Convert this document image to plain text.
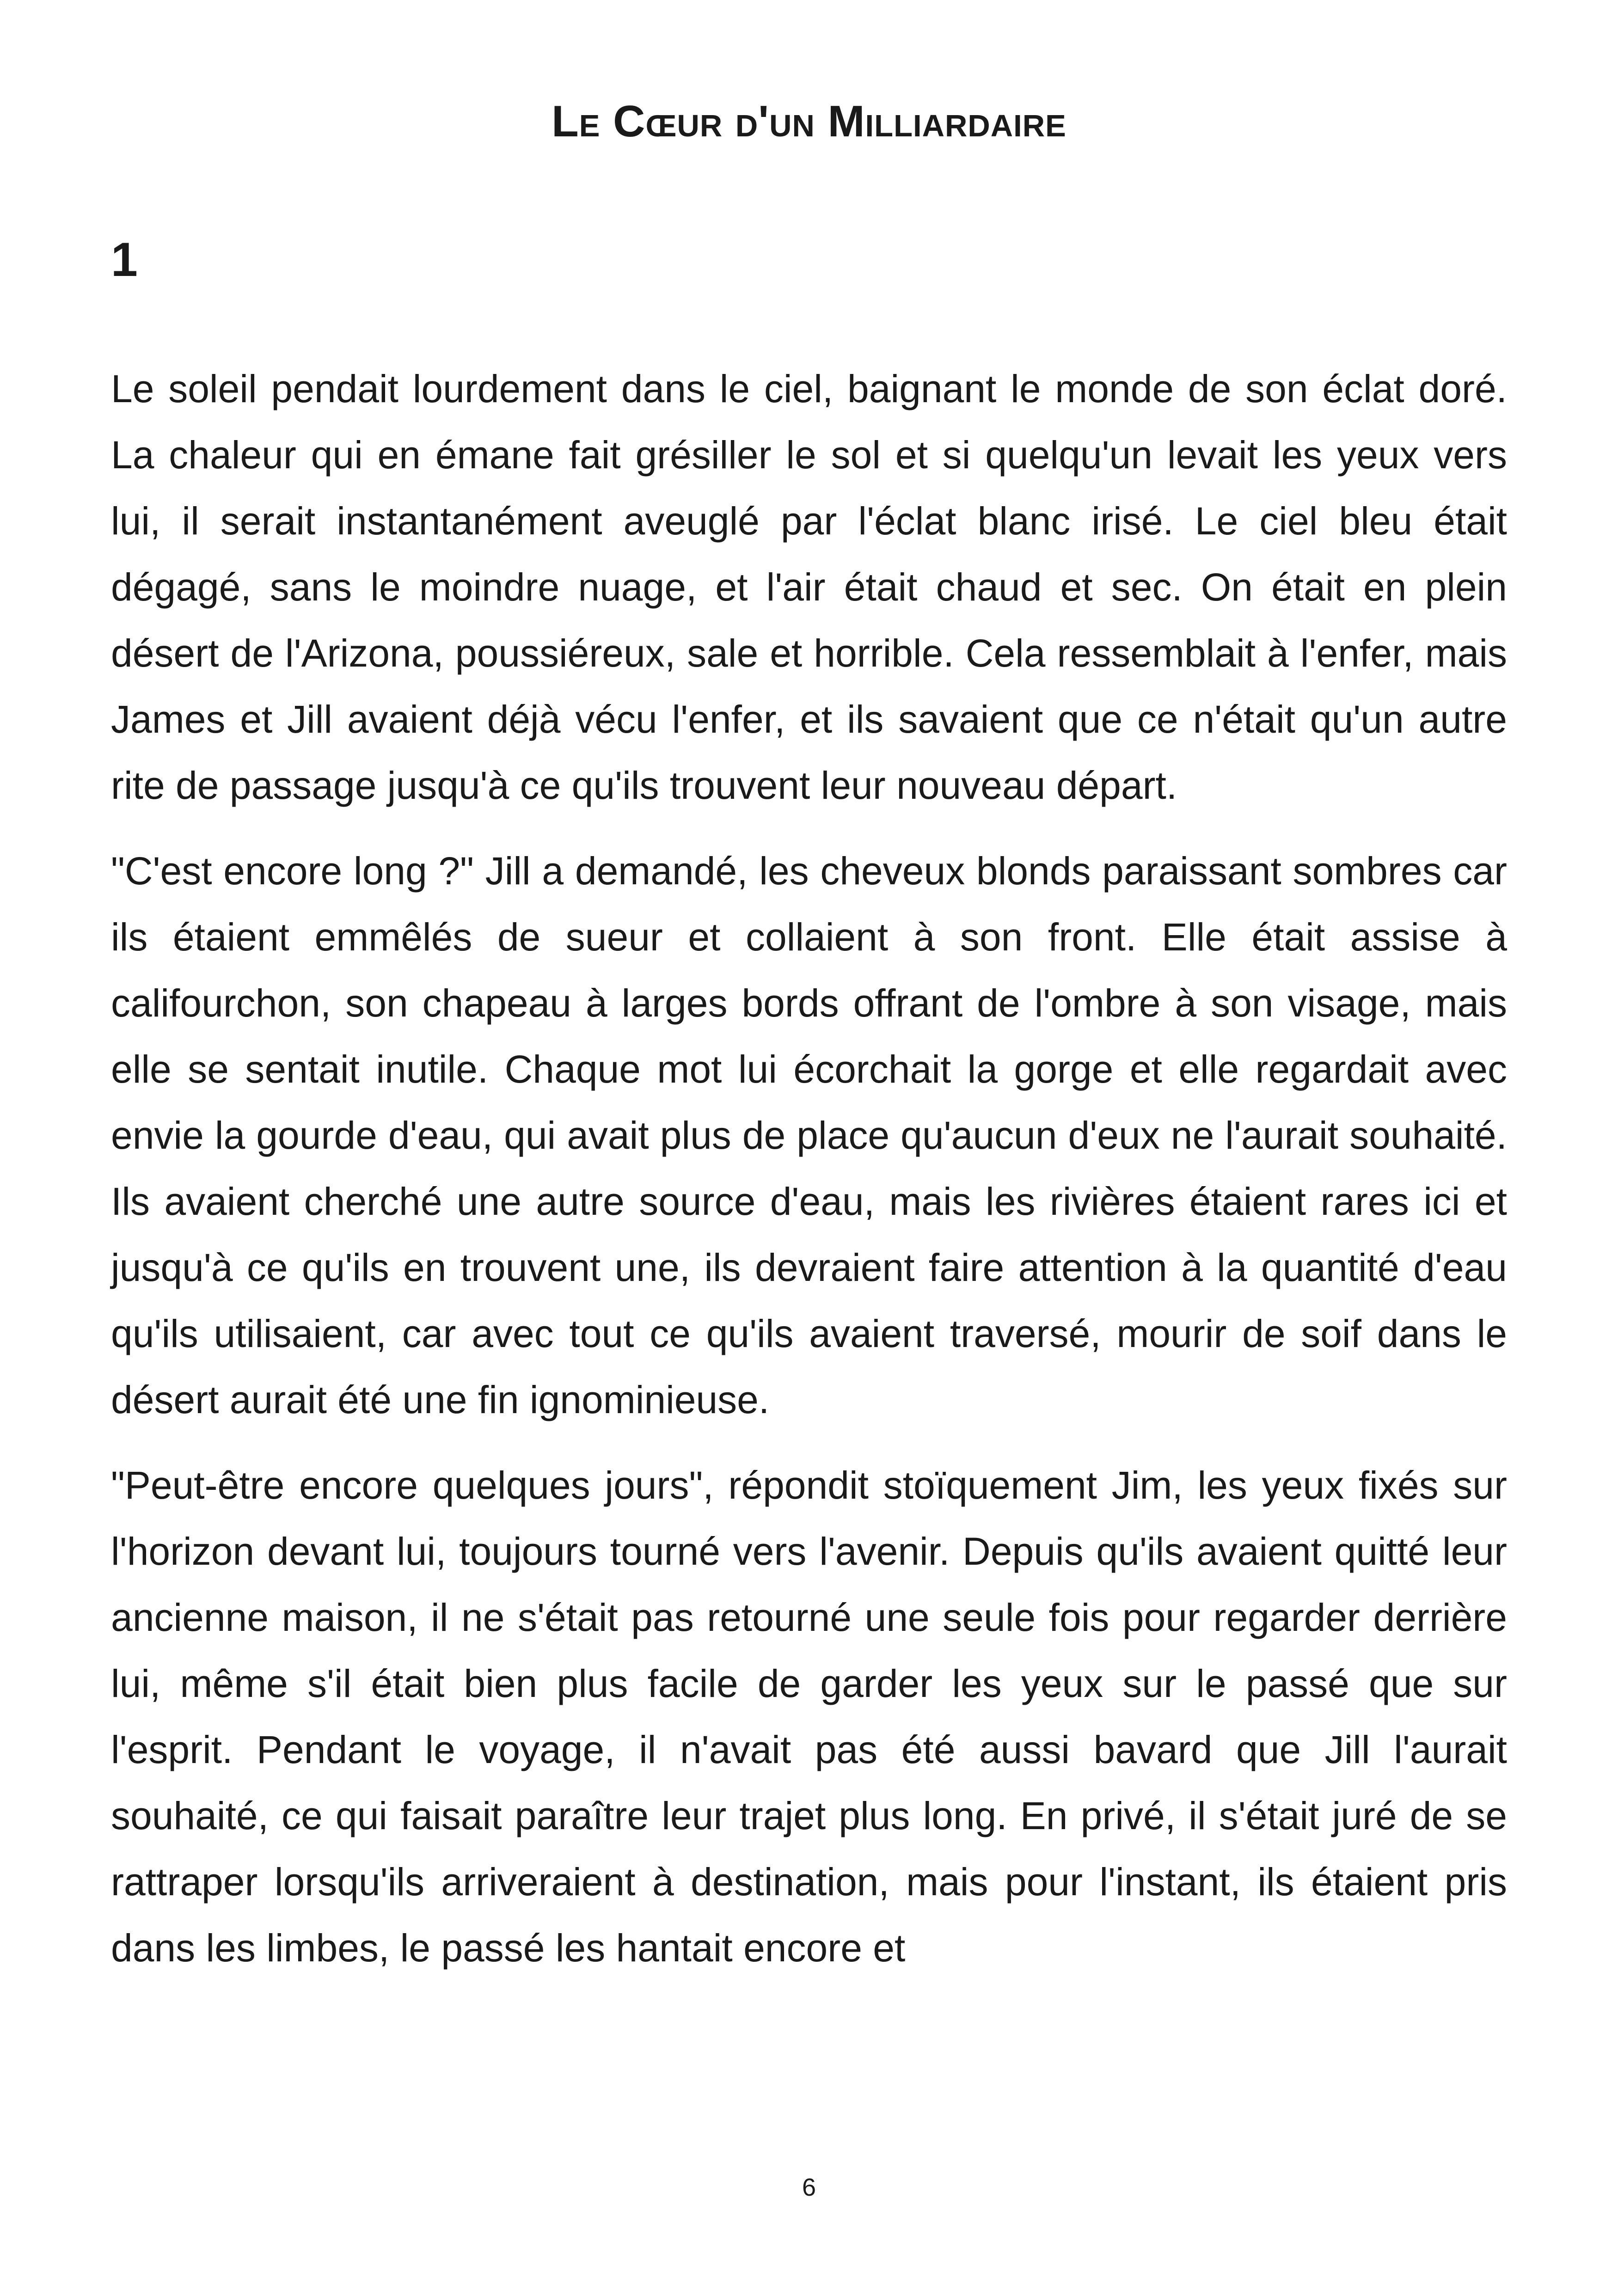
Le Cœur d'un Milliardaire
1

Le soleil pendait lourdement dans le ciel, baignant le monde de son éclat doré. La chaleur qui en émane fait grésiller le sol et si quelqu'un levait les yeux vers lui, il serait instantanément aveuglé par l'éclat blanc irisé. Le ciel bleu était dégagé, sans le moindre nuage, et l'air était chaud et sec. On était en plein désert de l'Arizona, poussiéreux, sale et horrible. Cela ressemblait à l'enfer, mais James et Jill avaient déjà vécu l'enfer, et ils savaient que ce n'était qu'un autre rite de passage jusqu'à ce qu'ils trouvent leur nouveau départ.

"C'est encore long ?" Jill a demandé, les cheveux blonds paraissant sombres car ils étaient emmêlés de sueur et collaient à son front. Elle était assise à califourchon, son chapeau à larges bords offrant de l'ombre à son visage, mais elle se sentait inutile. Chaque mot lui écorchait la gorge et elle regardait avec envie la gourde d'eau, qui avait plus de place qu'aucun d'eux ne l'aurait souhaité. Ils avaient cherché une autre source d'eau, mais les rivières étaient rares ici et jusqu'à ce qu'ils en trouvent une, ils devraient faire attention à la quantité d'eau qu'ils utilisaient, car avec tout ce qu'ils avaient traversé, mourir de soif dans le désert aurait été une fin ignominieuse.

"Peut-être encore quelques jours", répondit stoïquement Jim, les yeux fixés sur l'horizon devant lui, toujours tourné vers l'avenir. Depuis qu'ils avaient quitté leur ancienne maison, il ne s'était pas retourné une seule fois pour regarder derrière lui, même s'il était bien plus facile de garder les yeux sur le passé que sur l'esprit. Pendant le voyage, il n'avait pas été aussi bavard que Jill l'aurait souhaité, ce qui faisait paraître leur trajet plus long. En privé, il s'était juré de se rattraper lorsqu'ils arriveraient à destination, mais pour l'instant, ils étaient pris dans les limbes, le passé les hantait encore et

6
